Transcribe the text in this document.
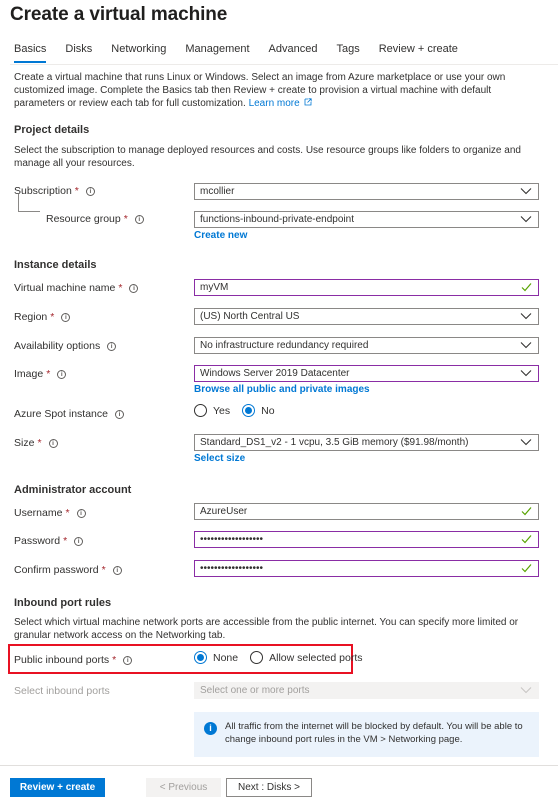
Create a virtual machine
Basics Disks Networking Management Advanced Tags Review + create
Create a virtual machine that runs Linux or Windows. Select an image from Azure marketplace or use your own customized image. Complete the Basics tab then Review + create to provision a virtual machine with default parameters or review each tab for full customization. Learn more
Project details
Select the subscription to manage deployed resources and costs. Use resource groups like folders to organize and manage all your resources.
Subscription *	i	mcollier
Resource group *	i	functions-inbound-private-endpoint
Create new
Instance details
Virtual machine name *	i	myVM
Region *	i	(US) North Central US
Availability options	i	No infrastructure redundancy required
Image *	i	Windows Server 2019 Datacenter
Browse all public and private images
Azure Spot instance	i	Yes	No
Size *	i	Standard_DS1_v2 - 1 vcpu, 3.5 GiB memory ($91.98/month)
Select size
Administrator account
Username *	i	AzureUser
Password *	i	••••••••••••••••••
Confirm password *	i	••••••••••••••••••
Inbound port rules
Select which virtual machine network ports are accessible from the public internet. You can specify more limited or granular network access on the Networking tab.
Public inbound ports *	i	None	Allow selected ports
Select inbound ports	Select one or more ports
i	All traffic from the internet will be blocked by default. You will be able to change inbound port rules in the VM > Networking page.
Review + create	< Previous	Next : Disks >
